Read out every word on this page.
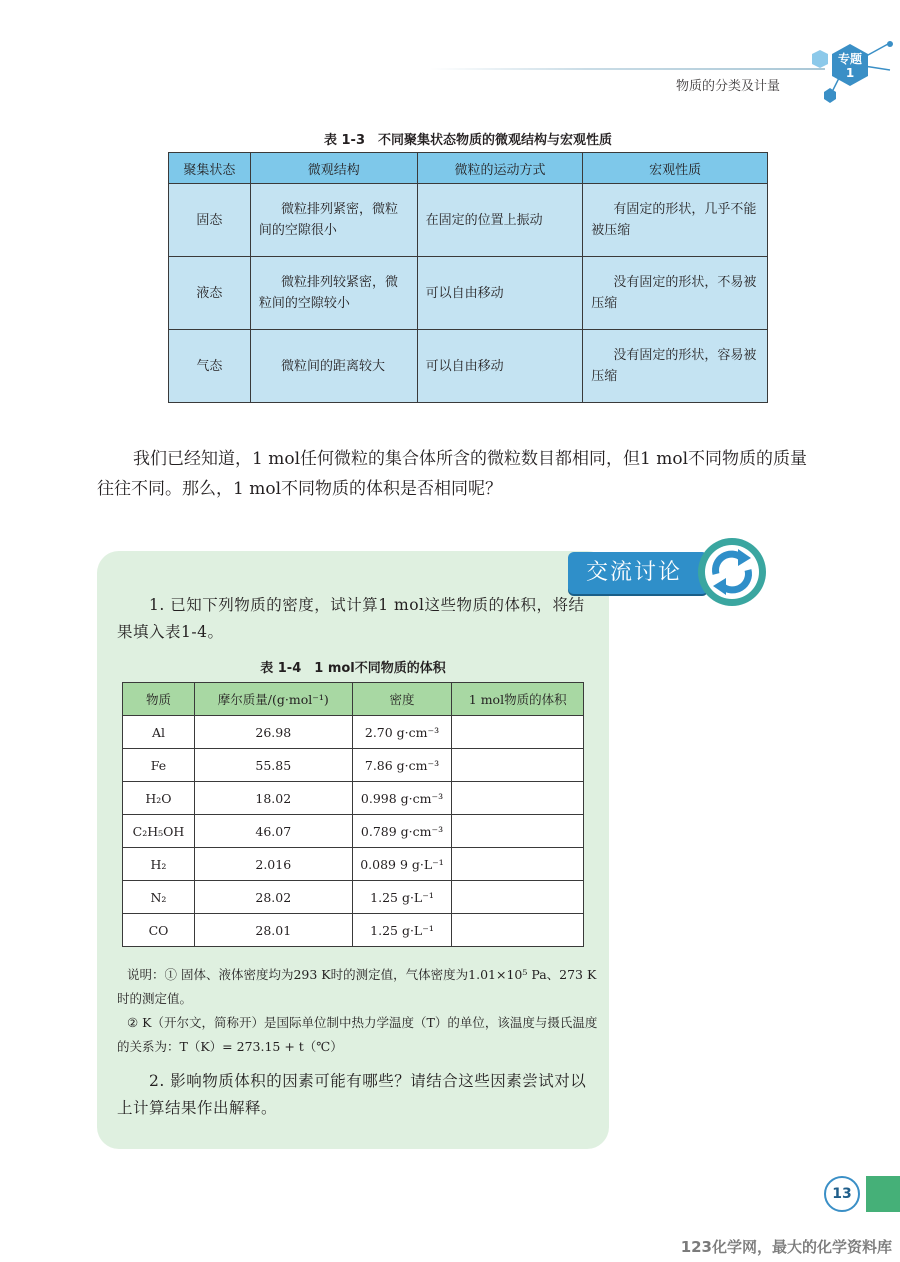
物质的分类及计量
专题
1
表 1-3　不同聚集状态物质的微观结构与宏观性质
聚集状态	微观结构	微粒的运动方式	宏观性质
固态	微粒排列紧密，微粒间的空隙很小	在固定的位置上振动	有固定的形状，几乎不能被压缩
液态	微粒排列较紧密，微粒间的空隙较小	可以自由移动	没有固定的形状，不易被压缩
气态	微粒间的距离较大	可以自由移动	没有固定的形状，容易被压缩
我们已经知道，1 mol任何微粒的集合体所含的微粒数目都相同，但1 mol不同物质的质量往往不同。那么，1 mol不同物质的体积是否相同呢？
交流讨论
1. 已知下列物质的密度，试计算1 mol这些物质的体积，将结果填入表1-4。
表 1-4　1 mol不同物质的体积
物质	摩尔质量/(g·mol⁻¹)	密度	1 mol物质的体积
Al	26.98	2.70 g·cm⁻³	
Fe	55.85	7.86 g·cm⁻³	
H₂O	18.02	0.998 g·cm⁻³	
C₂H₅OH	46.07	0.789 g·cm⁻³	
H₂	2.016	0.089 9 g·L⁻¹	
N₂	28.02	1.25 g·L⁻¹	
CO	28.01	1.25 g·L⁻¹	
说明：① 固体、液体密度均为293 K时的测定值，气体密度为1.01×10⁵ Pa、273 K时的测定值。
② K（开尔文，简称开）是国际单位制中热力学温度（T）的单位，该温度与摄氏温度的关系为：T（K）= 273.15 + t（℃）
2. 影响物质体积的因素可能有哪些？请结合这些因素尝试对以上计算结果作出解释。
13
123化学网，最大的化学资料库
